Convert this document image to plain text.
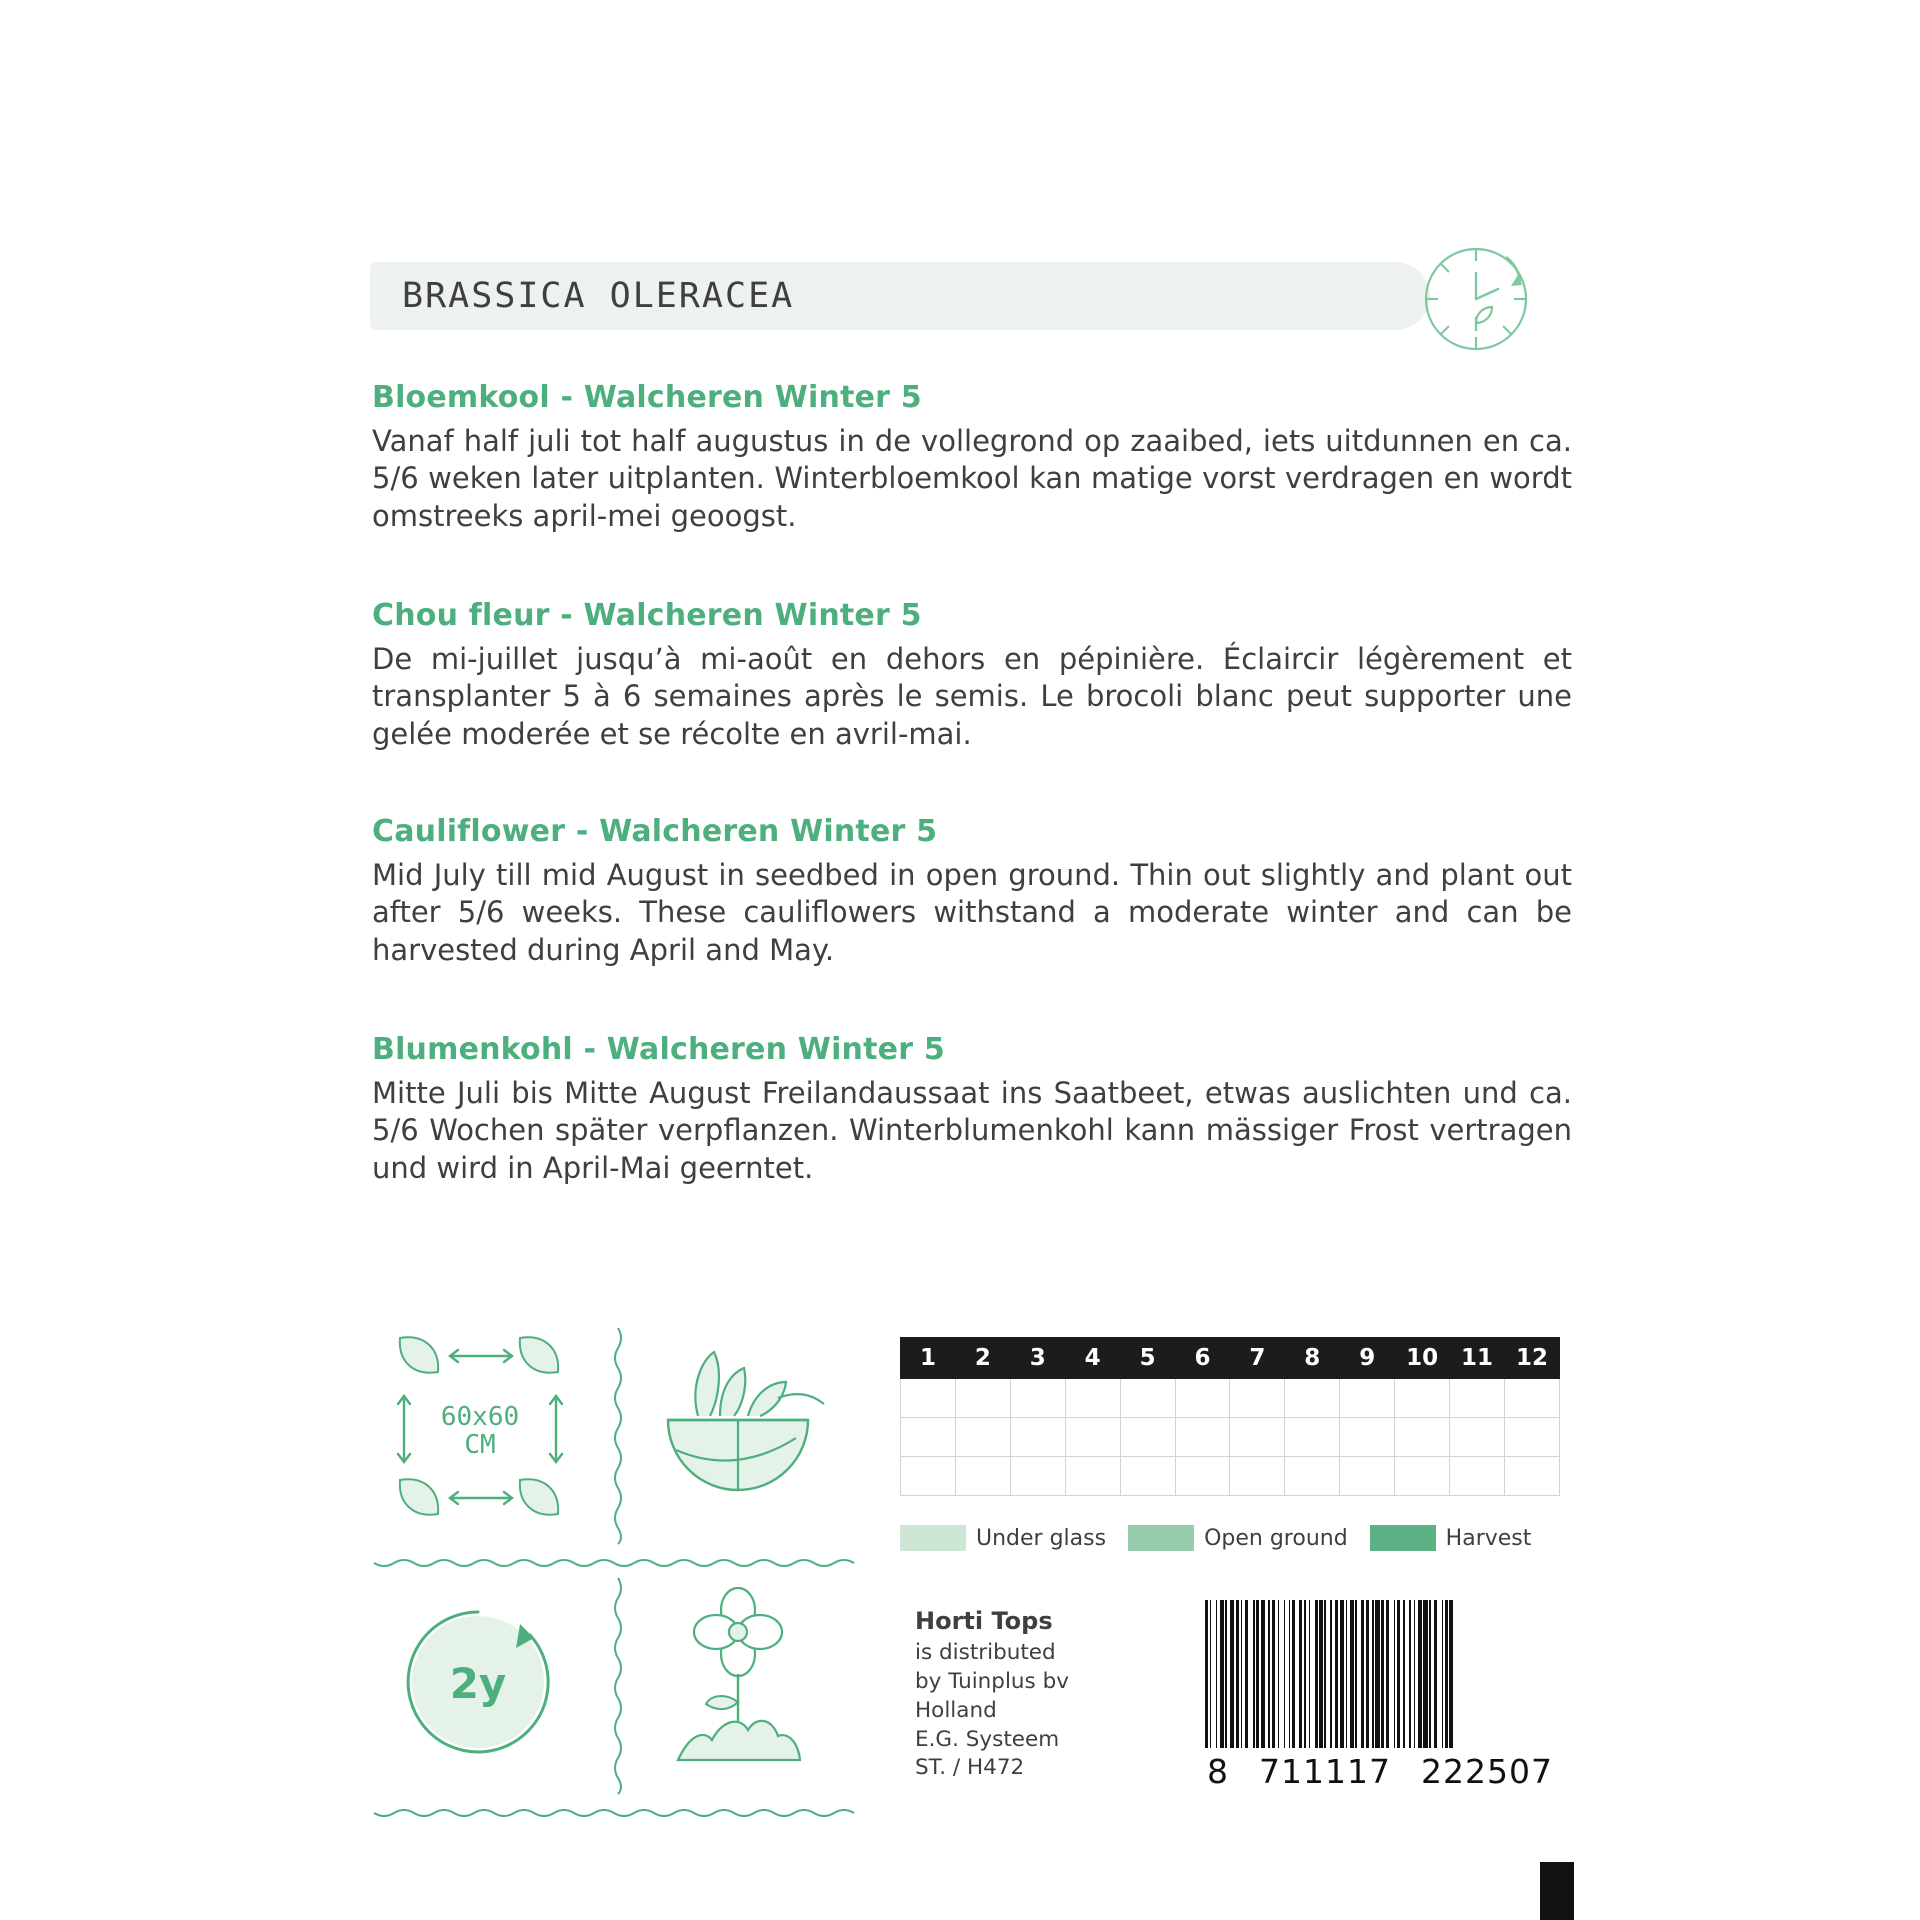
BRASSICA OLERACEA
Bloemkool - Walcheren Winter 5

Vanaf half juli tot half augustus in de vollegrond op zaaibed, iets uitdunnen en ca. 5/6 weken later uitplanten. Winterbloemkool kan matige vorst verdragen en wordt omstreeks april-mei geoogst.

Chou fleur - Walcheren Winter 5

De mi-juillet jusqu’à mi-août en dehors en pépinière. Éclaircir légèrement et transplanter 5 à 6 semaines après le semis. Le brocoli blanc peut supporter une gelée moderée et se récolte en avril-mai.

Cauliflower - Walcheren Winter 5

Mid July till mid August in seedbed in open ground. Thin out slightly and plant out after 5/6 weeks. These cauliflowers withstand a moderate winter and can be harvested during April and May.

Blumenkohl - Walcheren Winter 5

Mitte Juli bis Mitte August Freilandaussaat ins Saatbeet, etwas auslichten und ca. 5/6 Wochen später verpflanzen. Winterblumenkohl kann mässiger Frost vertragen und wird in April-Mai geerntet.

60x60
CM
2y
1	2	3	4	5	6	7	8	9	10	11	12

Under glass	Open ground	Harvest
Horti Tops
is distributed
by Tuinplus bv
Holland
E.G. Systeem
ST. / H472	8 711117 222507
